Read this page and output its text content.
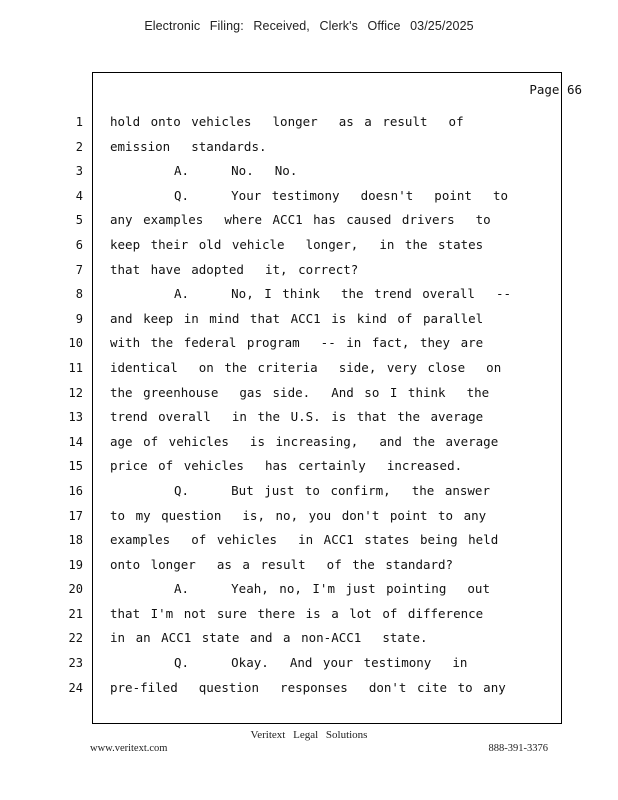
Electronic Filing: Received, Clerk's Office 03/25/2025
Page 66
1
2
3
4
5
6
7
8
9
10
11
12
13
14
15
16
17
18
19
20
21
22
23
24
hold onto vehicles  longer  as a result  of
emission  standards.
A.    No.  No.
Q.    Your testimony  doesn't  point  to
any examples  where ACC1 has caused drivers  to
keep their old vehicle  longer,  in the states
that have adopted  it, correct?
A.    No, I think  the trend overall  --
and keep in mind that ACC1 is kind of parallel
with the federal program  -- in fact, they are
identical  on the criteria  side, very close  on
the greenhouse  gas side.  And so I think  the
trend overall  in the U.S. is that the average
age of vehicles  is increasing,  and the average
price of vehicles  has certainly  increased.
Q.    But just to confirm,  the answer
to my question  is, no, you don't point to any
examples  of vehicles  in ACC1 states being held
onto longer  as a result  of the standard?
A.    Yeah, no, I'm just pointing  out
that I'm not sure there is a lot of difference
in an ACC1 state and a non-ACC1  state.
Q.    Okay.  And your testimony  in
pre-filed  question  responses  don't cite to any
Veritext Legal Solutions
www.veritext.com	888-391-3376
